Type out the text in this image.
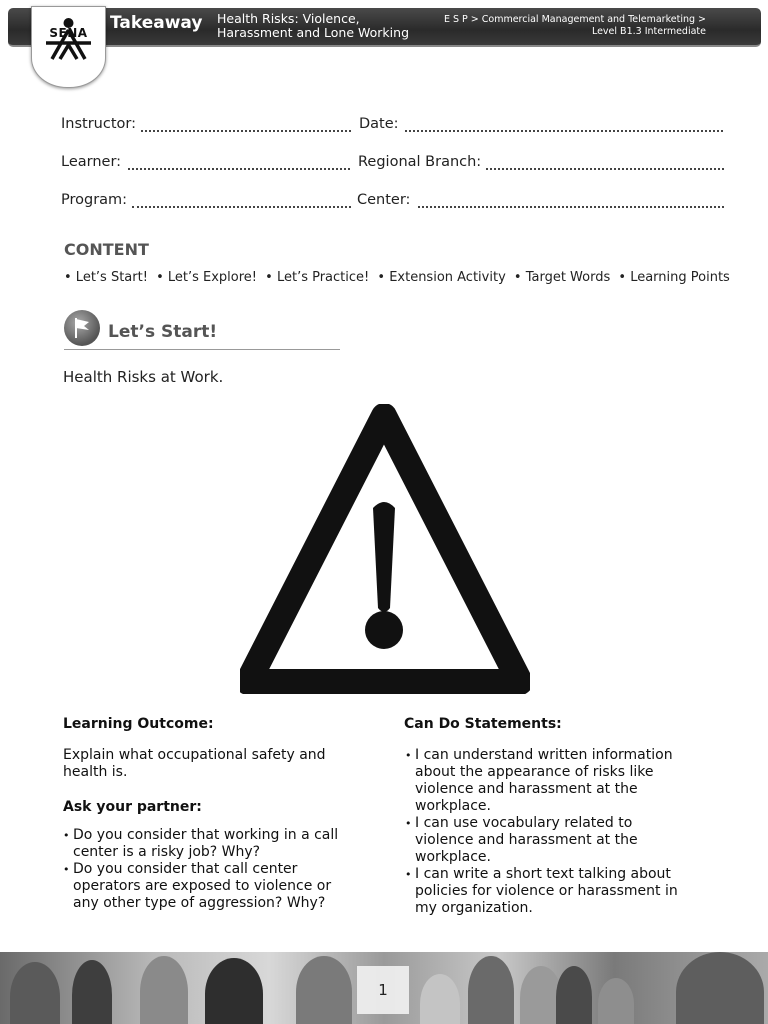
SENA	Takeaway Health Risks: Violence,
Harassment and Lone Working
E S P > Commercial Management and Telemarketing >
Level B1.3 Intermediate
Instructor:	Date:
Learner:	Regional Branch:
Program:	Center:
CONTENT
• Let’s Start! • Let’s Explore! • Let’s Practice! • Extension Activity • Target Words • Learning Points
Let’s Start!
Health Risks at Work.
Learning Outcome:
Explain what occupational safety and health is.
Ask your partner:
• Do you consider that working in a call center is a risky job? Why?
• Do you consider that call center operators are exposed to violence or any other type of aggression? Why?
Can Do Statements:
• I can understand written information about the appearance of risks like violence and harassment at the workplace.
• I can use vocabulary related to violence and harassment at the workplace.
• I can write a short text talking about policies for violence or harassment in my organization.
1
